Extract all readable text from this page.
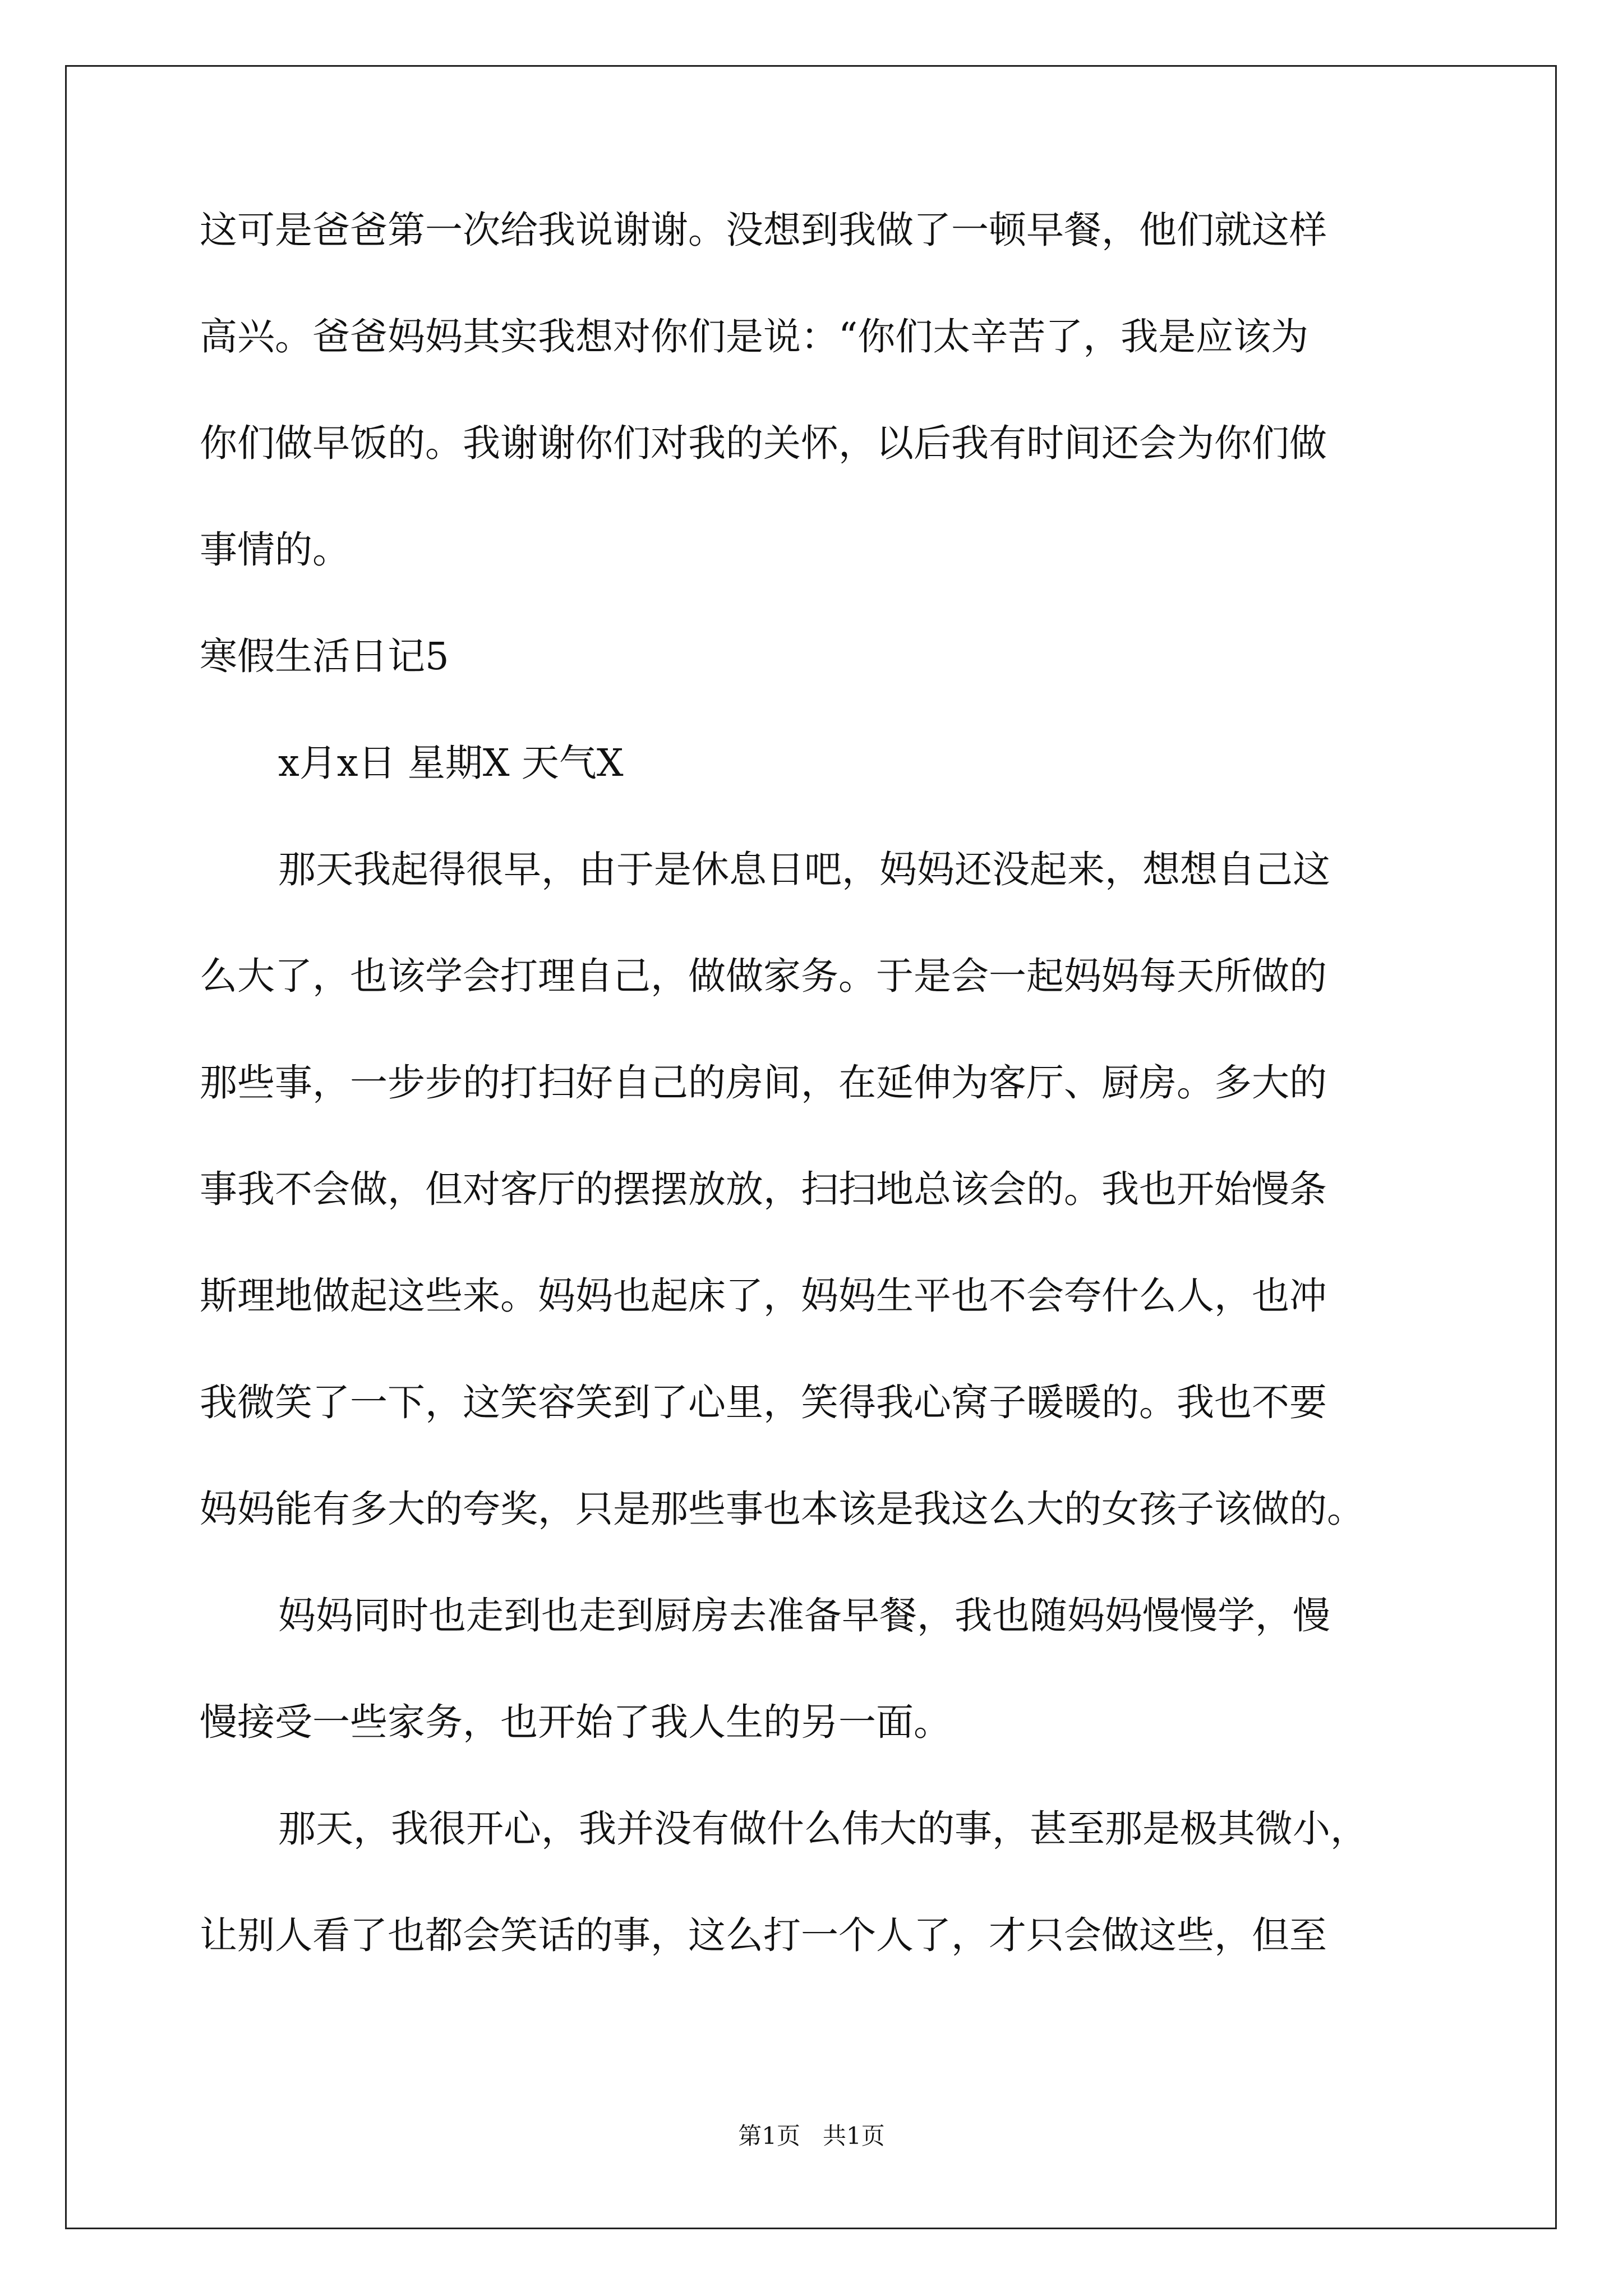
这可是爸爸第一次给我说谢谢。没想到我做了一顿早餐，他们就这样
高兴。爸爸妈妈其实我想对你们是说：“你们太辛苦了，我是应该为
你们做早饭的。我谢谢你们对我的关怀，以后我有时间还会为你们做
事情的。
寒假生活日记5
x月x日 星期X 天气X
那天我起得很早，由于是休息日吧，妈妈还没起来，想想自己这
么大了，也该学会打理自己，做做家务。于是会一起妈妈每天所做的
那些事，一步步的打扫好自己的房间，在延伸为客厅、厨房。多大的
事我不会做，但对客厅的摆摆放放，扫扫地总该会的。我也开始慢条
斯理地做起这些来。妈妈也起床了，妈妈生平也不会夸什么人，也冲
我微笑了一下，这笑容笑到了心里，笑得我心窝子暖暖的。我也不要
妈妈能有多大的夸奖，只是那些事也本该是我这么大的女孩子该做的。
妈妈同时也走到也走到厨房去准备早餐，我也随妈妈慢慢学，慢
慢接受一些家务，也开始了我人生的另一面。
那天，我很开心，我并没有做什么伟大的事，甚至那是极其微小，
让别人看了也都会笑话的事，这么打一个人了，才只会做这些，但至
第1页   共1页
